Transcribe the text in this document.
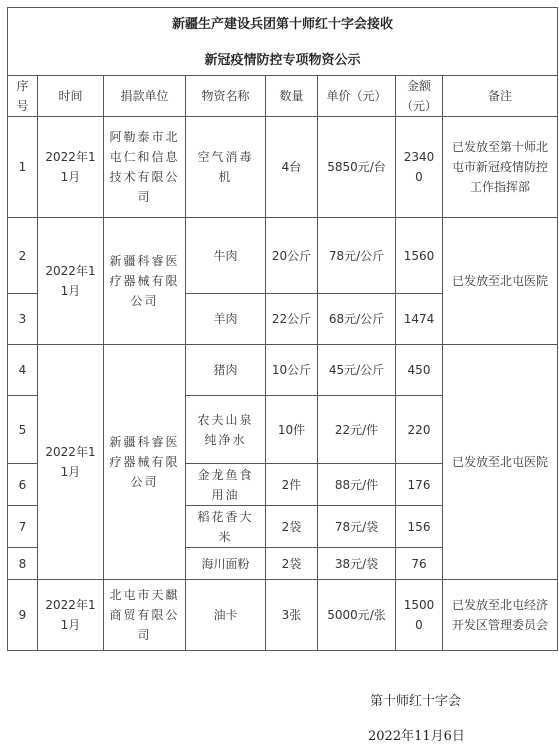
新疆生产建设兵团第十师红十字会接收
新冠疫情防控专项物资公示							

序号	时间	捐款单位	物资名称	数量	单价（元）	金额（元）	备注
1	2022年11月	阿勒泰市北屯仁和信息技术有限公司	空气消毒机	4台	5850元/台	23400	已发放至第十师北屯市新冠疫情防控工作指挥部
2	2022年11月	新疆科睿医疗器械有限公司	牛肉	20公斤	78元/公斤	1560	已发放至北屯医院
3			羊肉	22公斤	68元/公斤	1474	
4	2022年11月	新疆科睿医疗器械有限公司	猪肉	10公斤	45元/公斤	450	已发放至北屯医院
5			农夫山泉纯净水	10件	22元/件	220	
6			金龙鱼食用油	2件	88元/件	176	
7			稻花香大米	2袋	78元/袋	156	
8			海川面粉	2袋	38元/袋	76	
9	2022年11月	北屯市天麒商贸有限公司	油卡	3张	5000元/张	15000	已发放至北屯经济开发区管理委员会
第十师红十字会
2022年11月6日
